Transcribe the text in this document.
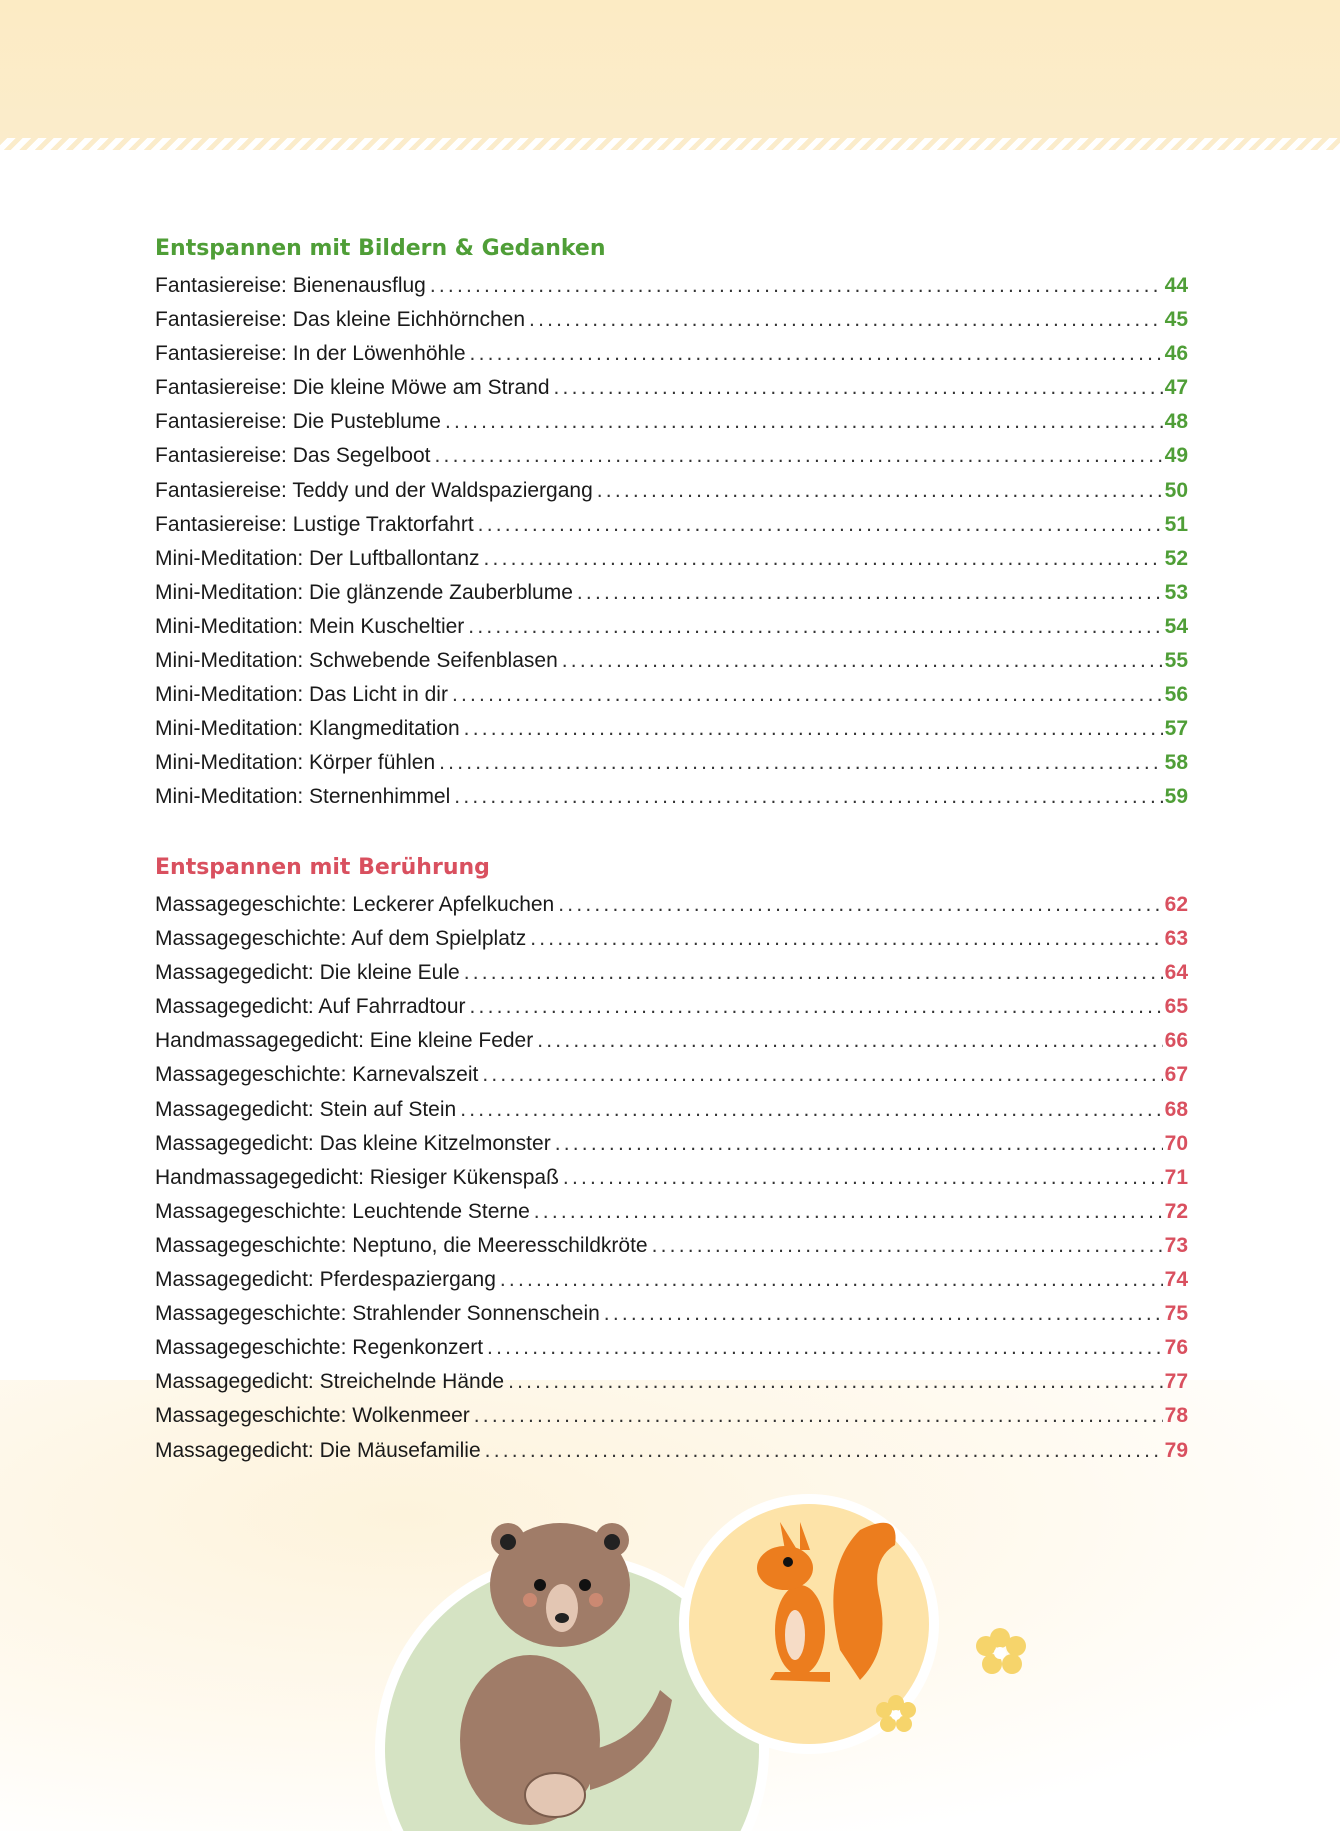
Entspannen mit Bildern & Gedanken
Fantasiereise: Bienenausflug .....	44
Fantasiereise: Das kleine Eichhörnchen .....	45
Fantasiereise: In der Löwenhöhle .....	46
Fantasiereise: Die kleine Möwe am Strand .....	47
Fantasiereise: Die Pusteblume .....	48
Fantasiereise: Das Segelboot .....	49
Fantasiereise: Teddy und der Waldspaziergang .....	50
Fantasiereise: Lustige Traktorfahrt .....	51
Mini-Meditation: Der Luftballontanz .....	52
Mini-Meditation: Die glänzende Zauberblume .....	53
Mini-Meditation: Mein Kuscheltier .....	54
Mini-Meditation: Schwebende Seifenblasen .....	55
Mini-Meditation: Das Licht in dir .....	56
Mini-Meditation: Klangmeditation .....	57
Mini-Meditation: Körper fühlen .....	58
Mini-Meditation: Sternenhimmel .....	59
Entspannen mit Berührung
Massagegeschichte: Leckerer Apfelkuchen .....	62
Massagegeschichte: Auf dem Spielplatz .....	63
Massagegedicht: Die kleine Eule .....	64
Massagegedicht: Auf Fahrradtour .....	65
Handmassagegedicht: Eine kleine Feder .....	66
Massagegeschichte: Karnevalszeit .....	67
Massagegedicht: Stein auf Stein .....	68
Massagegedicht: Das kleine Kitzelmonster .....	70
Handmassagegedicht: Riesiger Kükenspaß .....	71
Massagegeschichte: Leuchtende Sterne .....	72
Massagegeschichte: Neptuno, die Meeresschildkröte .....	73
Massagegedicht: Pferdespaziergang .....	74
Massagegeschichte: Strahlender Sonnenschein .....	75
Massagegeschichte: Regenkonzert .....	76
Massagegedicht: Streichelnde Hände .....	77
Massagegeschichte: Wolkenmeer .....	78
Massagegedicht: Die Mäusefamilie .....	79
